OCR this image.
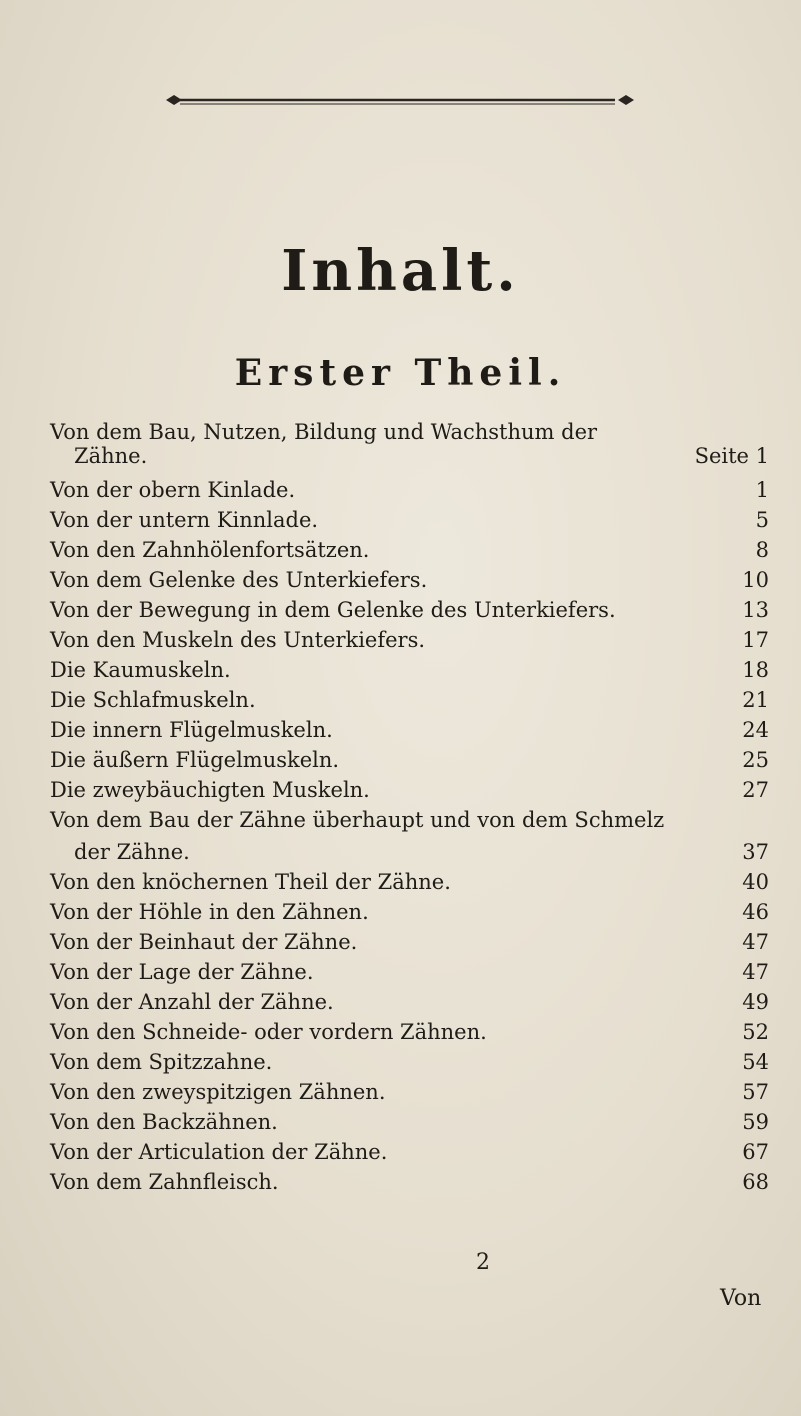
Inhalt.
Erster Theil.
Von dem Bau, Nutzen, Bildung und Wachsthum der
Zähne.	Seite 1
Von der obern Kinlade.	1
Von der untern Kinnlade.	5
Von den Zahnhölenfortsätzen.	8
Von dem Gelenke des Unterkiefers.	10
Von der Bewegung in dem Gelenke des Unterkiefers.	13
Von den Muskeln des Unterkiefers.	17
Die Kaumuskeln.	18
Die Schlafmuskeln.	21
Die innern Flügelmuskeln.	24
Die äußern Flügelmuskeln.	25
Die zweybäuchigten Muskeln.	27
Von dem Bau der Zähne überhaupt und von dem Schmelz
der Zähne.	37
Von den knöchernen Theil der Zähne.	40
Von der Höhle in den Zähnen.	46
Von der Beinhaut der Zähne.	47
Von der Lage der Zähne.	47
Von der Anzahl der Zähne.	49
Von den Schneide- oder vordern Zähnen.	52
Von dem Spitzzahne.	54
Von den zweyspitzigen Zähnen.	57
Von den Backzähnen.	59
Von der Articulation der Zähne.	67
Von dem Zahnfleisch.	68
2
Von
